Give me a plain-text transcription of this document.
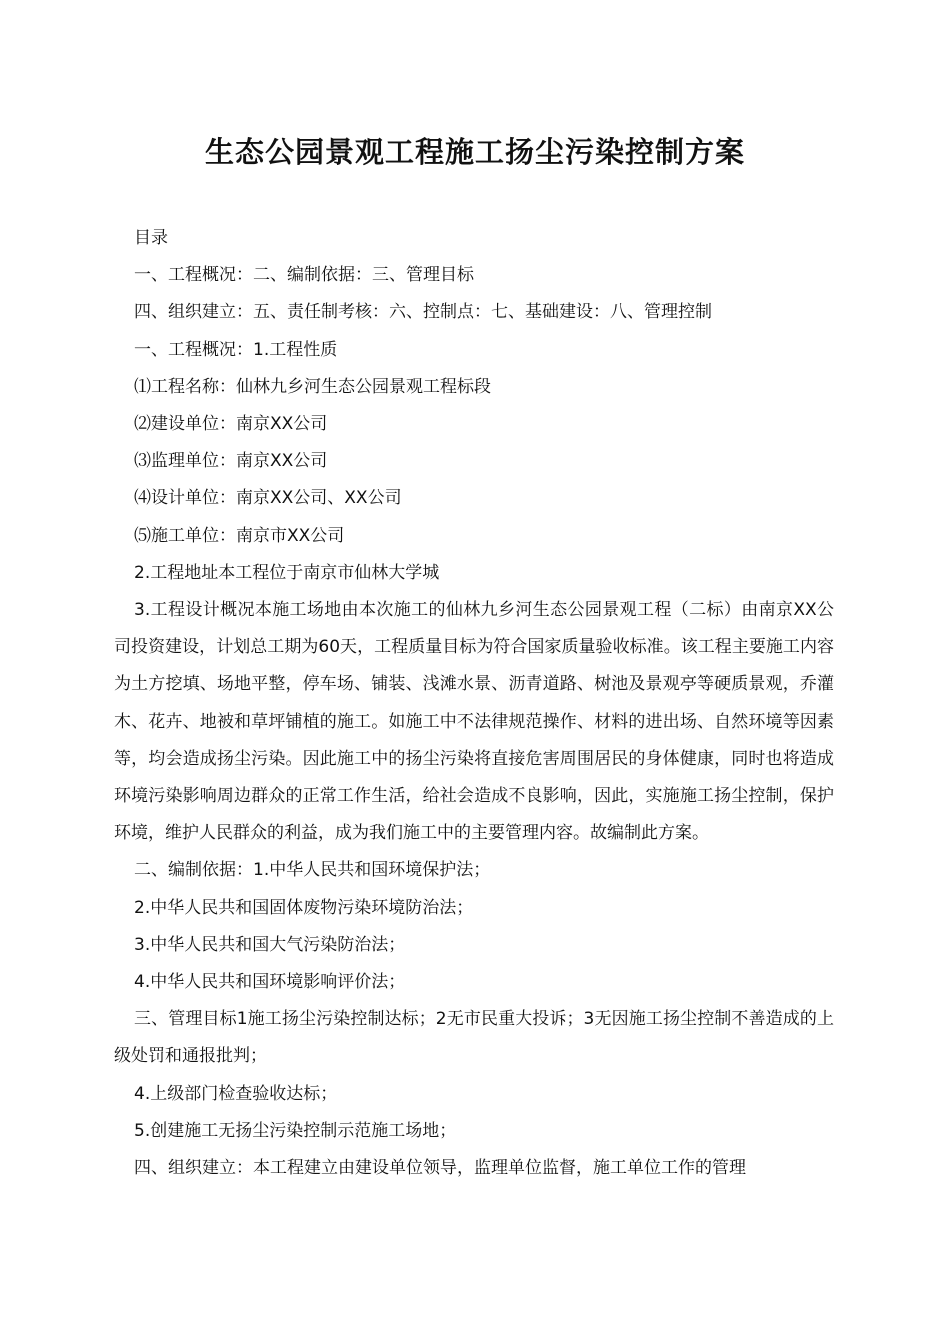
生态公园景观工程施工扬尘污染控制方案

目录

一、工程概况：二、编制依据：三、管理目标

四、组织建立：五、责任制考核：六、控制点：七、基础建设：八、管理控制

一、工程概况：1.工程性质

⑴工程名称：仙林九乡河生态公园景观工程标段

⑵建设单位：南京XX公司

⑶监理单位：南京XX公司

⑷设计单位：南京XX公司、XX公司

⑸施工单位：南京市XX公司

2.工程地址本工程位于南京市仙林大学城

3.工程设计概况本施工场地由本次施工的仙林九乡河生态公园景观工程（二标）由南京XX公司投资建设，计划总工期为60天，工程质量目标为符合国家质量验收标准。该工程主要施工内容为土方挖填、场地平整，停车场、铺装、浅滩水景、沥青道路、树池及景观亭等硬质景观，乔灌木、花卉、地被和草坪铺植的施工。如施工中不法律规范操作、材料的进出场、自然环境等因素等，均会造成扬尘污染。因此施工中的扬尘污染将直接危害周围居民的身体健康，同时也将造成环境污染影响周边群众的正常工作生活，给社会造成不良影响，因此，实施施工扬尘控制，保护环境，维护人民群众的利益，成为我们施工中的主要管理内容。故编制此方案。

二、编制依据：1.中华人民共和国环境保护法；

2.中华人民共和国固体废物污染环境防治法；

3.中华人民共和国大气污染防治法；

4.中华人民共和国环境影响评价法；

三、管理目标1施工扬尘污染控制达标；2无市民重大投诉；3无因施工扬尘控制不善造成的上级处罚和通报批判；

4.上级部门检查验收达标；

5.创建施工无扬尘污染控制示范施工场地；

四、组织建立：本工程建立由建设单位领导，监理单位监督，施工单位工作的管理
